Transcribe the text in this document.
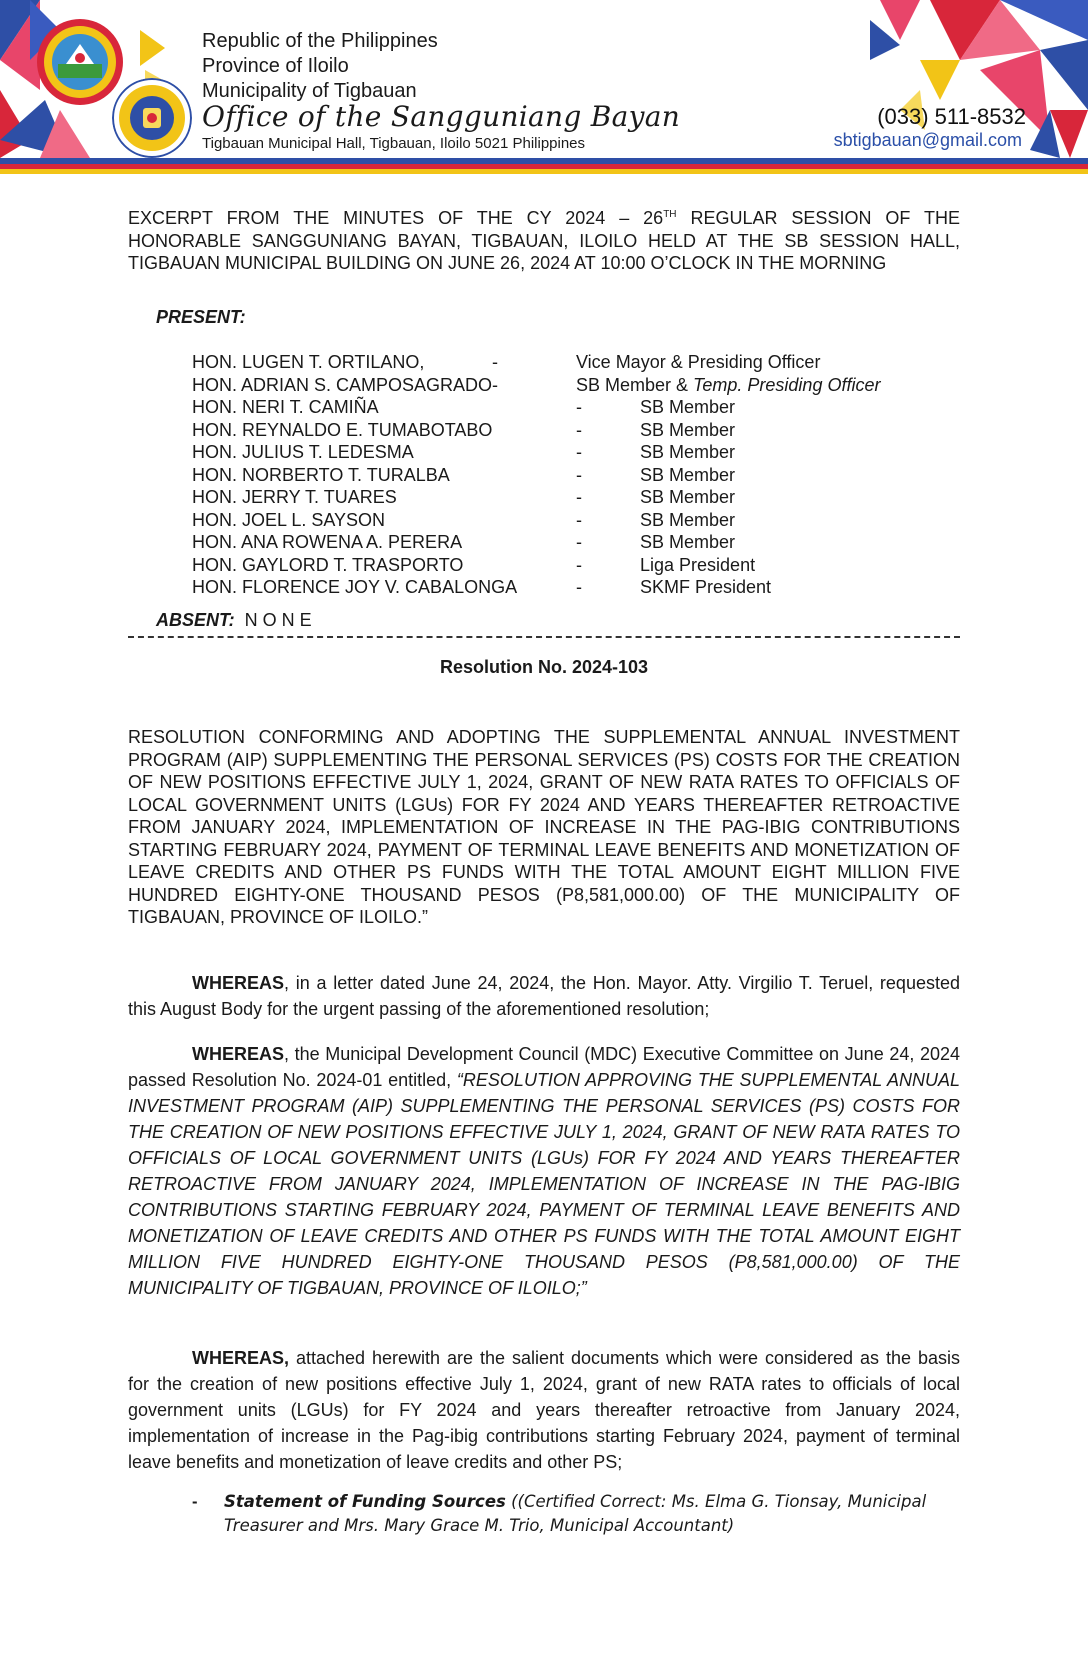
Republic of the Philippines
Province of Iloilo
Municipality of Tigbauan
Office of the Sangguniang Bayan
Tigbauan Municipal Hall, Tigbauan, Iloilo 5021 Philippines
(033) 511-8532
sbtigbauan@gmail.com
EXCERPT FROM THE MINUTES OF THE CY 2024 – 26TH REGULAR SESSION OF THE HONORABLE SANGGUNIANG BAYAN, TIGBAUAN, ILOILO HELD AT THE SB SESSION HALL, TIGBAUAN MUNICIPAL BUILDING ON JUNE 26, 2024 AT 10:00 O’CLOCK IN THE MORNING
PRESENT:
HON. LUGEN T. ORTILANO,	-	Vice Mayor & Presiding Officer
HON. ADRIAN S. CAMPOSAGRADO-	SB Member & Temp. Presiding Officer
HON. NERI T. CAMIÑA	-	SB Member
HON. REYNALDO E. TUMABOTABO	-	SB Member
HON. JULIUS T. LEDESMA	-	SB Member
HON. NORBERTO T. TURALBA	-	SB Member
HON. JERRY T. TUARES	-	SB Member
HON. JOEL L. SAYSON	-	SB Member
HON. ANA ROWENA A. PERERA	-	SB Member
HON. GAYLORD T. TRASPORTO	-	Liga President
HON. FLORENCE JOY V. CABALONGA	-	SKMF President
ABSENT: NONE
Resolution No. 2024-103
RESOLUTION CONFORMING AND ADOPTING THE SUPPLEMENTAL ANNUAL INVESTMENT PROGRAM (AIP) SUPPLEMENTING THE PERSONAL SERVICES (PS) COSTS FOR THE CREATION OF NEW POSITIONS EFFECTIVE JULY 1, 2024, GRANT OF NEW RATA RATES TO OFFICIALS OF LOCAL GOVERNMENT UNITS (LGUs) FOR FY 2024 AND YEARS THEREAFTER RETROACTIVE FROM JANUARY 2024, IMPLEMENTATION OF INCREASE IN THE PAG-IBIG CONTRIBUTIONS STARTING FEBRUARY 2024, PAYMENT OF TERMINAL LEAVE BENEFITS AND MONETIZATION OF LEAVE CREDITS AND OTHER PS FUNDS WITH THE TOTAL AMOUNT EIGHT MILLION FIVE HUNDRED EIGHTY-ONE THOUSAND PESOS (P8,581,000.00) OF THE MUNICIPALITY OF TIGBAUAN, PROVINCE OF ILOILO.”
WHEREAS, in a letter dated June 24, 2024, the Hon. Mayor. Atty. Virgilio T. Teruel, requested this August Body for the urgent passing of the aforementioned resolution;
WHEREAS, the Municipal Development Council (MDC) Executive Committee on June 24, 2024 passed Resolution No. 2024-01 entitled, “RESOLUTION APPROVING THE SUPPLEMENTAL ANNUAL INVESTMENT PROGRAM (AIP) SUPPLEMENTING THE PERSONAL SERVICES (PS) COSTS FOR THE CREATION OF NEW POSITIONS EFFECTIVE JULY 1, 2024, GRANT OF NEW RATA RATES TO OFFICIALS OF LOCAL GOVERNMENT UNITS (LGUs) FOR FY 2024 AND YEARS THEREAFTER RETROACTIVE FROM JANUARY 2024, IMPLEMENTATION OF INCREASE IN THE PAG-IBIG CONTRIBUTIONS STARTING FEBRUARY 2024, PAYMENT OF TERMINAL LEAVE BENEFITS AND MONETIZATION OF LEAVE CREDITS AND OTHER PS FUNDS WITH THE TOTAL AMOUNT EIGHT MILLION FIVE HUNDRED EIGHTY-ONE THOUSAND PESOS (P8,581,000.00) OF THE MUNICIPALITY OF TIGBAUAN, PROVINCE OF ILOILO;”
WHEREAS, attached herewith are the salient documents which were considered as the basis for the creation of new positions effective July 1, 2024, grant of new RATA rates to officials of local government units (LGUs) for FY 2024 and years thereafter retroactive from January 2024, implementation of increase in the Pag-ibig contributions starting February 2024, payment of terminal leave benefits and monetization of leave credits and other PS;
- Statement of Funding Sources ((Certified Correct: Ms. Elma G. Tionsay, Municipal Treasurer and Mrs. Mary Grace M. Trio, Municipal Accountant)
